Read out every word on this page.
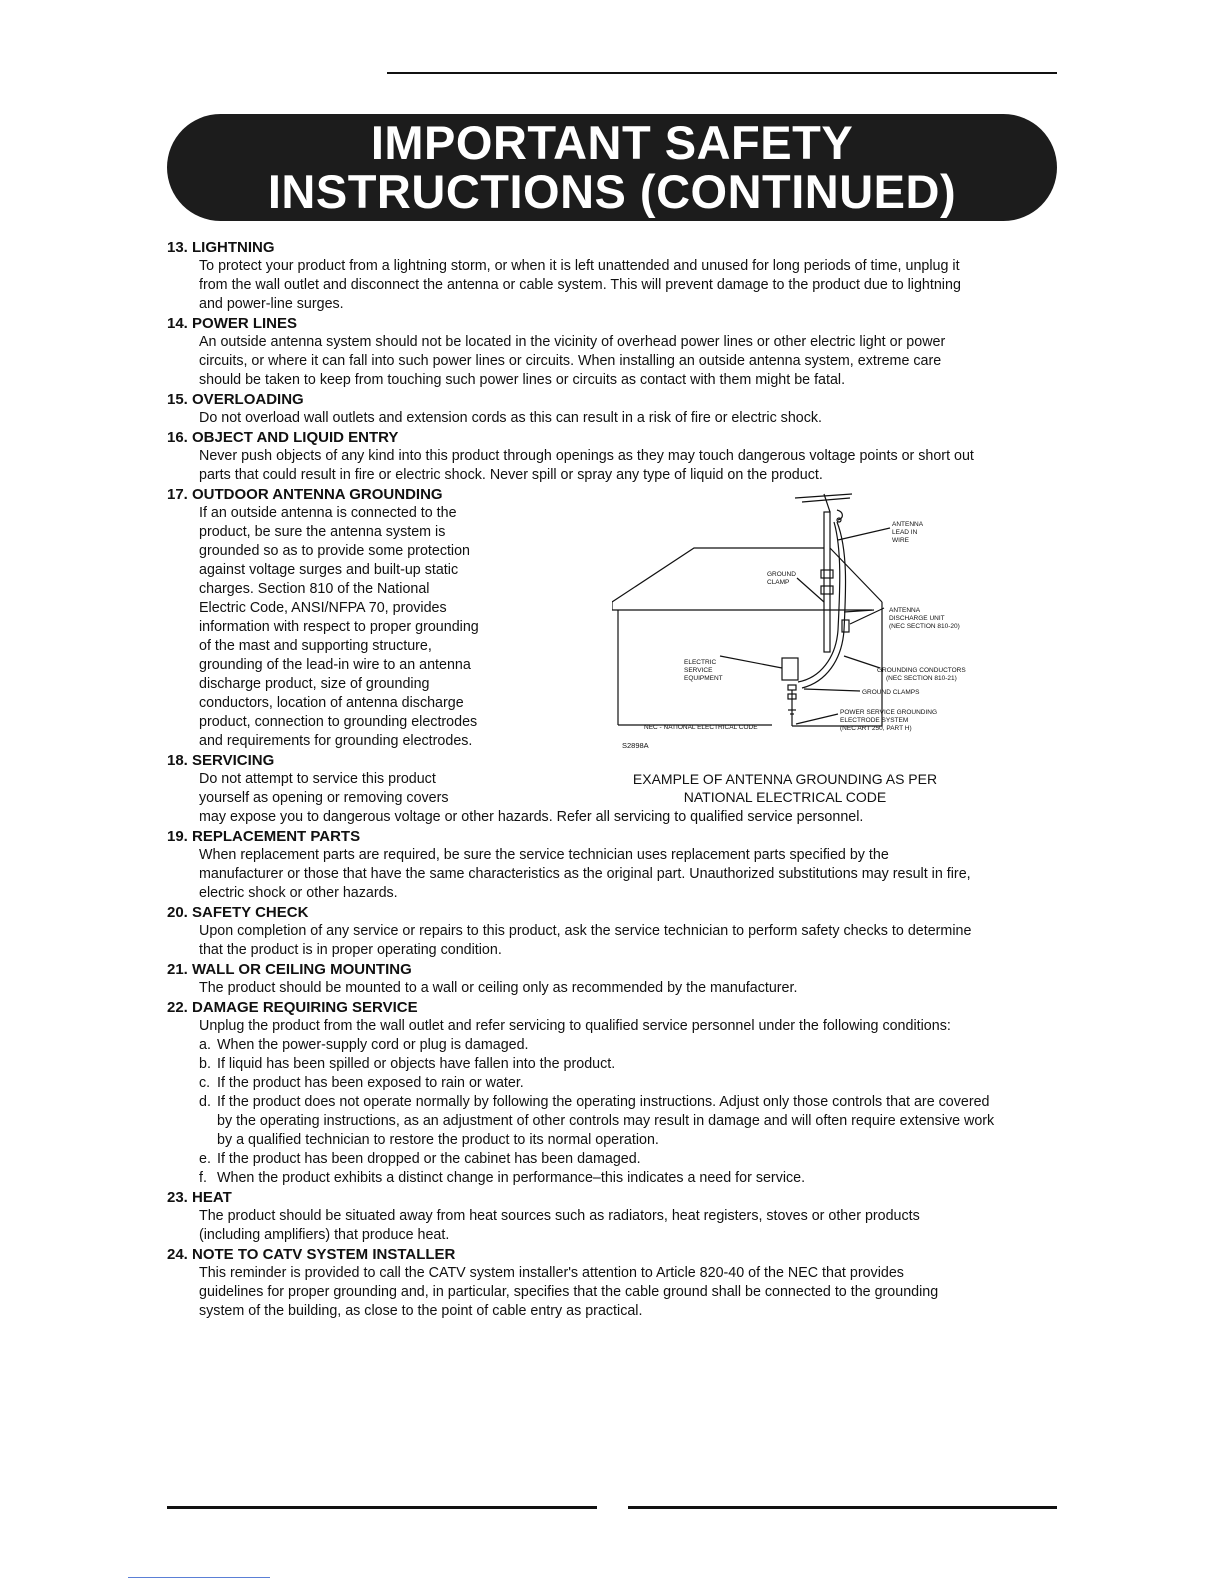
IMPORTANT SAFETY
INSTRUCTIONS (CONTINUED)
13. LIGHTNING
To protect your product from a lightning storm, or when it is left unattended and unused for long periods of time, unplug it
from the wall outlet and disconnect the antenna or cable system. This will prevent damage to the product due to lightning
and power-line surges.
14. POWER LINES
An outside antenna system should not be located in the vicinity of overhead power lines or other electric light or power
circuits, or where it can fall into such power lines or circuits. When installing an outside antenna system, extreme care
should be taken to keep from touching such power lines or circuits as contact with them might be fatal.
15. OVERLOADING
Do not overload wall outlets and extension cords as this can result in a risk of fire or electric shock.
16. OBJECT AND LIQUID ENTRY
Never push objects of any kind into this product through openings as they may touch dangerous voltage points or short out
parts that could result in fire or electric shock. Never spill or spray any type of liquid on the product.
17. OUTDOOR ANTENNA GROUNDING
If an outside antenna is connected to the
product, be sure the antenna system is
grounded so as to provide some protection
against voltage surges and built-up static
charges. Section 810 of the National
Electric Code, ANSI/NFPA 70, provides
information with respect to proper grounding
of the mast and supporting structure,
grounding of the lead-in wire to an antenna
discharge product, size of grounding
conductors, location of antenna discharge
product, connection to grounding electrodes
and requirements for grounding electrodes.
18. SERVICING
Do not attempt to service this product
yourself as opening or removing covers
may expose you to dangerous voltage or other hazards. Refer all servicing to qualified service personnel.
ANTENNA
LEAD IN
WIRE
GROUND
CLAMP
ANTENNA
DISCHARGE UNIT
(NEC SECTION 810-20)
ELECTRIC
SERVICE
EQUIPMENT
GROUNDING CONDUCTORS
(NEC SECTION 810-21)
GROUND CLAMPS
POWER SERVICE GROUNDING
ELECTRODE SYSTEM
(NEC ART 250, PART H)
NEC - NATIONAL ELECTRICAL CODE
S2898A
EXAMPLE OF ANTENNA GROUNDING AS PER
NATIONAL ELECTRICAL CODE
19. REPLACEMENT PARTS
When replacement parts are required, be sure the service technician uses replacement parts specified by the
manufacturer or those that have the same characteristics as the original part. Unauthorized substitutions may result in fire,
electric shock or other hazards.
20. SAFETY CHECK
Upon completion of any service or repairs to this product, ask the service technician to perform safety checks to determine
that the product is in proper operating condition.
21. WALL OR CEILING MOUNTING
The product should be mounted to a wall or ceiling only as recommended by the manufacturer.
22. DAMAGE REQUIRING SERVICE
Unplug the product from the wall outlet and refer servicing to qualified service personnel under the following conditions:
a. When the power-supply cord or plug is damaged.
b. If liquid has been spilled or objects have fallen into the product.
c. If the product has been exposed to rain or water.
d. If the product does not operate normally by following the operating instructions. Adjust only those controls that are covered
by the operating instructions, as an adjustment of other controls may result in damage and will often require extensive work
by a qualified technician to restore the product to its normal operation.
e. If the product has been dropped or the cabinet has been damaged.
f. When the product exhibits a distinct change in performance–this indicates a need for service.
23. HEAT
The product should be situated away from heat sources such as radiators, heat registers, stoves or other products
(including amplifiers) that produce heat.
24. NOTE TO CATV SYSTEM INSTALLER
This reminder is provided to call the CATV system installer's attention to Article 820-40 of the NEC that provides
guidelines for proper grounding and, in particular, specifies that the cable ground shall be connected to the grounding
system of the building, as close to the point of cable entry as practical.
